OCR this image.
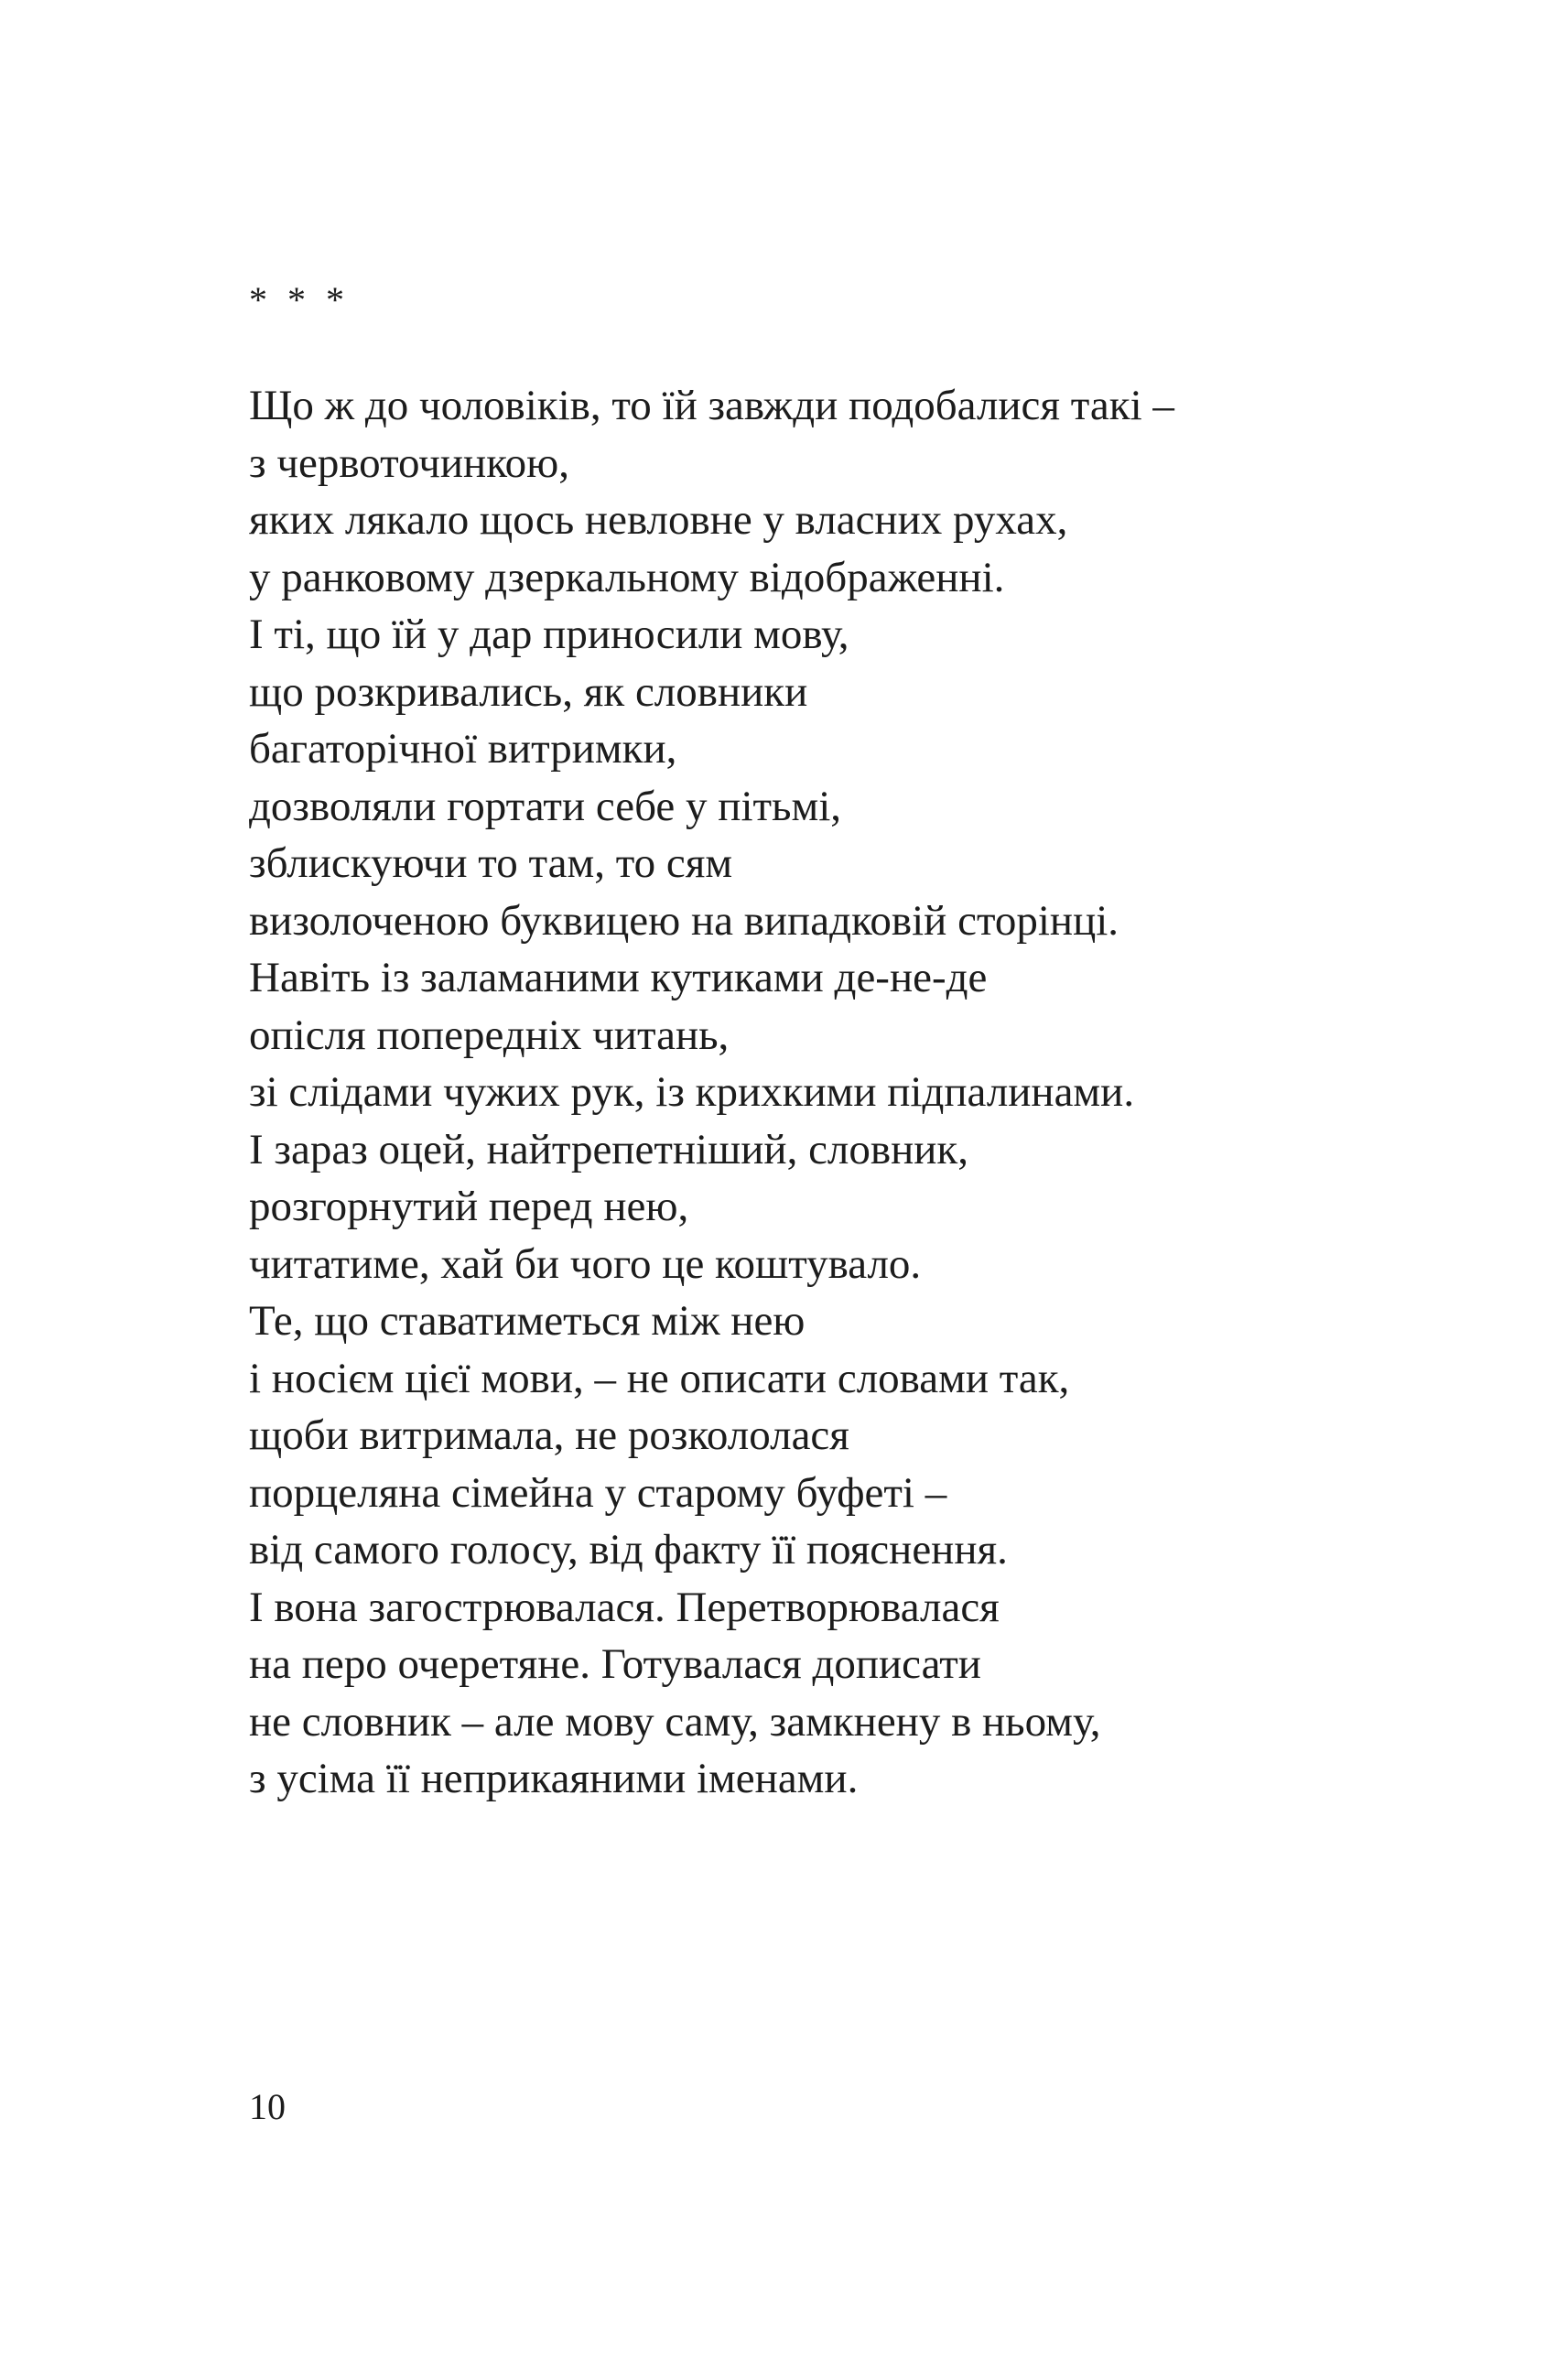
* * *
Що ж до чоловіків, то їй завжди подобалися такі –
з червоточинкою,
яких лякало щось невловне у власних рухах,
у ранковому дзеркальному відображенні.
І ті, що їй у дар приносили мову,
що розкривались, як словники
багаторічної витримки,
дозволяли гортати себе у пітьмі,
зблискуючи то там, то сям
визолоченою буквицею на випадковій сторінці.
Навіть із заламаними кутиками де-не-де
опісля попередніх читань,
зі слідами чужих рук, із крихкими підпалинами.
І зараз оцей, найтрепетніший, словник,
розгорнутий перед нею,
читатиме, хай би чого це коштувало.
Те, що ставатиметься між нею
і носієм цієї мови, – не описати словами так,
щоби витримала, не розкололася
порцеляна сімейна у старому буфеті –
від самого голосу, від факту її пояснення.
І вона загострювалася. Перетворювалася
на перо очеретяне. Готувалася дописати
не словник – але мову саму, замкнену в ньому,
з усіма її неприкаяними іменами.
10
